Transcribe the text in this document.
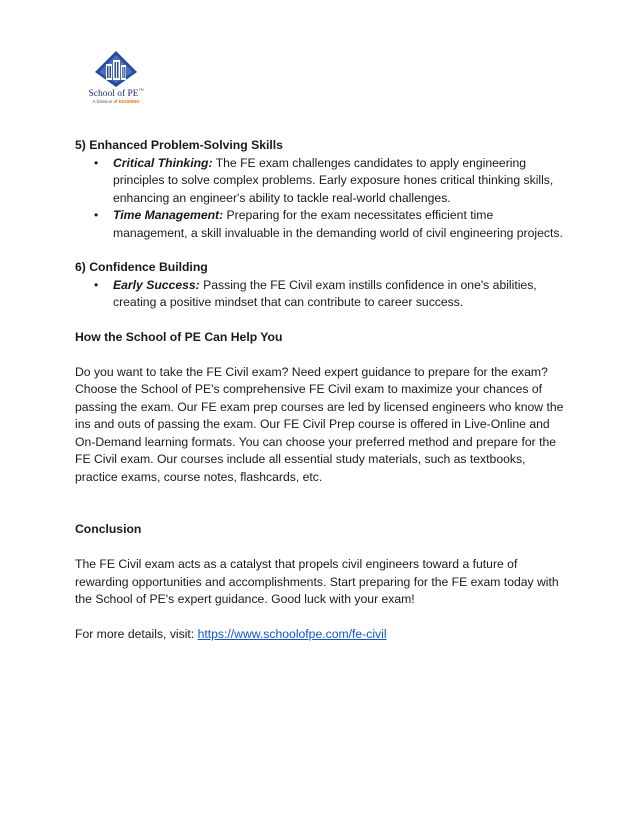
School of PE™
A Division of EDUMIND

5) Enhanced Problem-Solving Skills

• Critical Thinking: The FE exam challenges candidates to apply engineering principles to solve complex problems. Early exposure hones critical thinking skills, enhancing an engineer's ability to tackle real-world challenges.
• Time Management: Preparing for the exam necessitates efficient time management, a skill invaluable in the demanding world of civil engineering projects.

6) Confidence Building

• Early Success: Passing the FE Civil exam instills confidence in one's abilities, creating a positive mindset that can contribute to career success.

How the School of PE Can Help You

Do you want to take the FE Civil exam? Need expert guidance to prepare for the exam? Choose the School of PE's comprehensive FE Civil exam to maximize your chances of passing the exam. Our FE exam prep courses are led by licensed engineers who know the ins and outs of passing the exam. Our FE Civil Prep course is offered in Live-Online and On-Demand learning formats. You can choose your preferred method and prepare for the FE Civil exam. Our courses include all essential study materials, such as textbooks, practice exams, course notes, flashcards, etc.

Conclusion

The FE Civil exam acts as a catalyst that propels civil engineers toward a future of rewarding opportunities and accomplishments. Start preparing for the FE exam today with the School of PE's expert guidance. Good luck with your exam!

For more details, visit: https://www.schoolofpe.com/fe-civil
